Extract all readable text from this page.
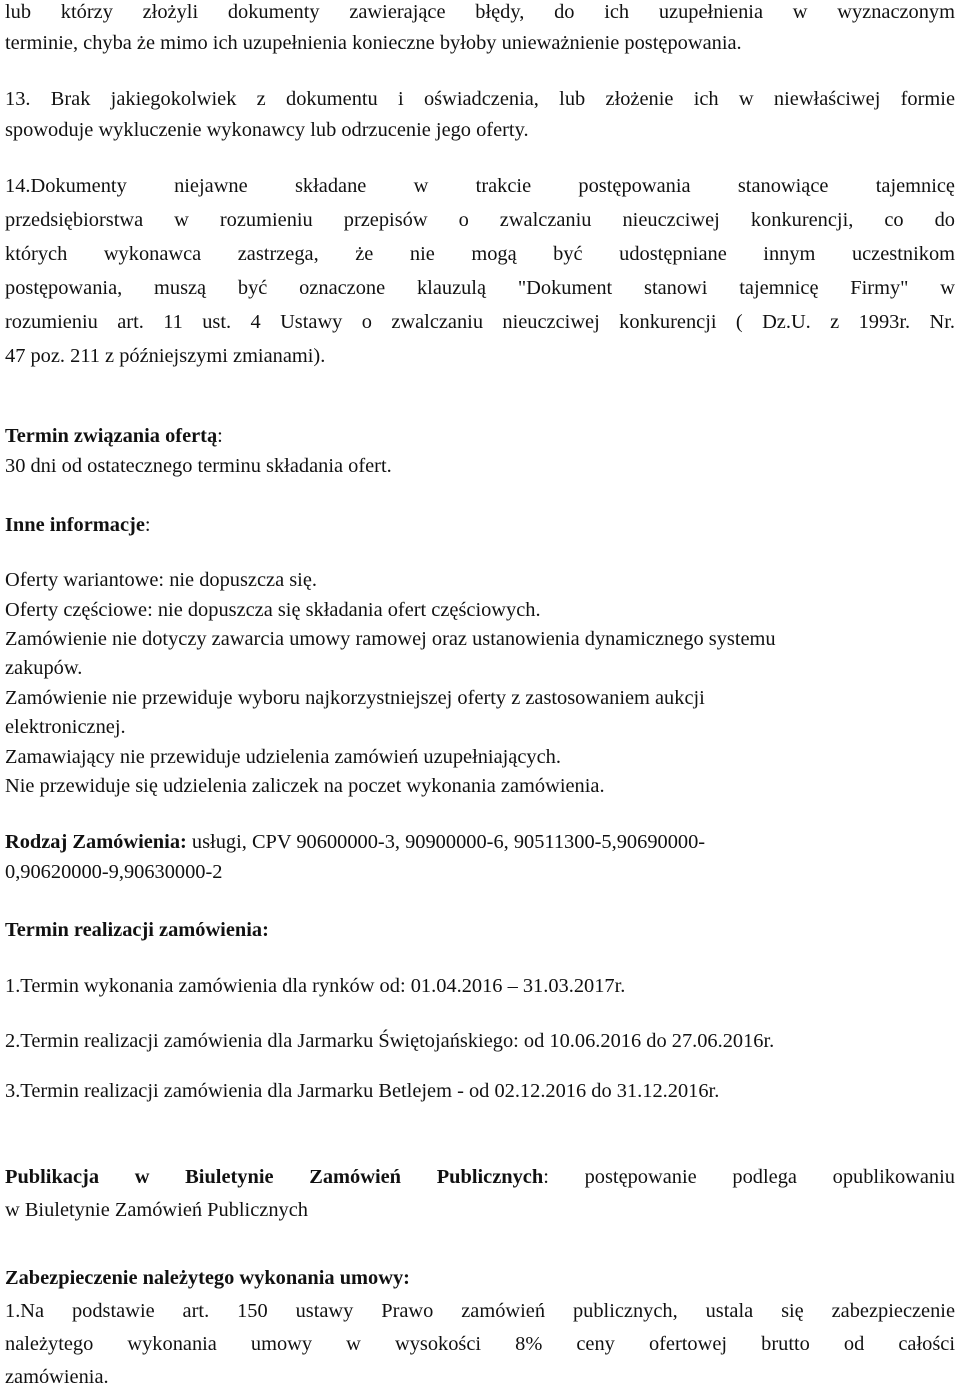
lub którzy złożyli dokumenty zawierające błędy, do ich uzupełnienia w wyznaczonym

terminie, chyba że mimo ich uzupełnienia konieczne byłoby unieważnienie postępowania.

13. Brak jakiegokolwiek z dokumentu i oświadczenia, lub złożenie ich w niewłaściwej formie

spowoduje wykluczenie wykonawcy lub odrzucenie jego oferty.

14.Dokumenty niejawne składane w trakcie postępowania stanowiące tajemnicę

przedsiębiorstwa w rozumieniu przepisów o zwalczaniu nieuczciwej konkurencji, co do

których wykonawca zastrzega, że nie mogą być udostępniane innym uczestnikom

postępowania, muszą być oznaczone klauzulą "Dokument stanowi tajemnicę Firmy" w

rozumieniu art. 11 ust. 4 Ustawy o zwalczaniu nieuczciwej konkurencji ( Dz.U. z 1993r. Nr.

47 poz. 211 z późniejszymi zmianami).

Termin związania ofertą:

30 dni od ostatecznego terminu składania ofert.

Inne informacje:

Oferty wariantowe: nie dopuszcza się.

Oferty częściowe: nie dopuszcza się składania ofert częściowych.

Zamówienie nie dotyczy zawarcia umowy ramowej oraz ustanowienia dynamicznego systemu

zakupów.

Zamówienie nie przewiduje wyboru najkorzystniejszej oferty z zastosowaniem aukcji

elektronicznej.

Zamawiający nie przewiduje udzielenia zamówień uzupełniających.

Nie przewiduje się udzielenia zaliczek na poczet wykonania zamówienia.

Rodzaj Zamówienia: usługi, CPV 90600000-3, 90900000-6, 90511300-5,90690000-

0,90620000-9,90630000-2

Termin realizacji zamówienia:

1.Termin wykonania zamówienia dla rynków od: 01.04.2016 – 31.03.2017r.

2.Termin realizacji zamówienia dla Jarmarku Świętojańskiego: od 10.06.2016 do 27.06.2016r.

3.Termin realizacji zamówienia dla Jarmarku Betlejem - od 02.12.2016 do 31.12.2016r.

Publikacja w Biuletynie Zamówień Publicznych: postępowanie podlega opublikowaniu

w Biuletynie Zamówień Publicznych

Zabezpieczenie należytego wykonania umowy:

1.Na podstawie art. 150 ustawy Prawo zamówień publicznych, ustala się zabezpieczenie

należytego wykonania umowy w wysokości 8% ceny ofertowej brutto od całości

zamówienia.
